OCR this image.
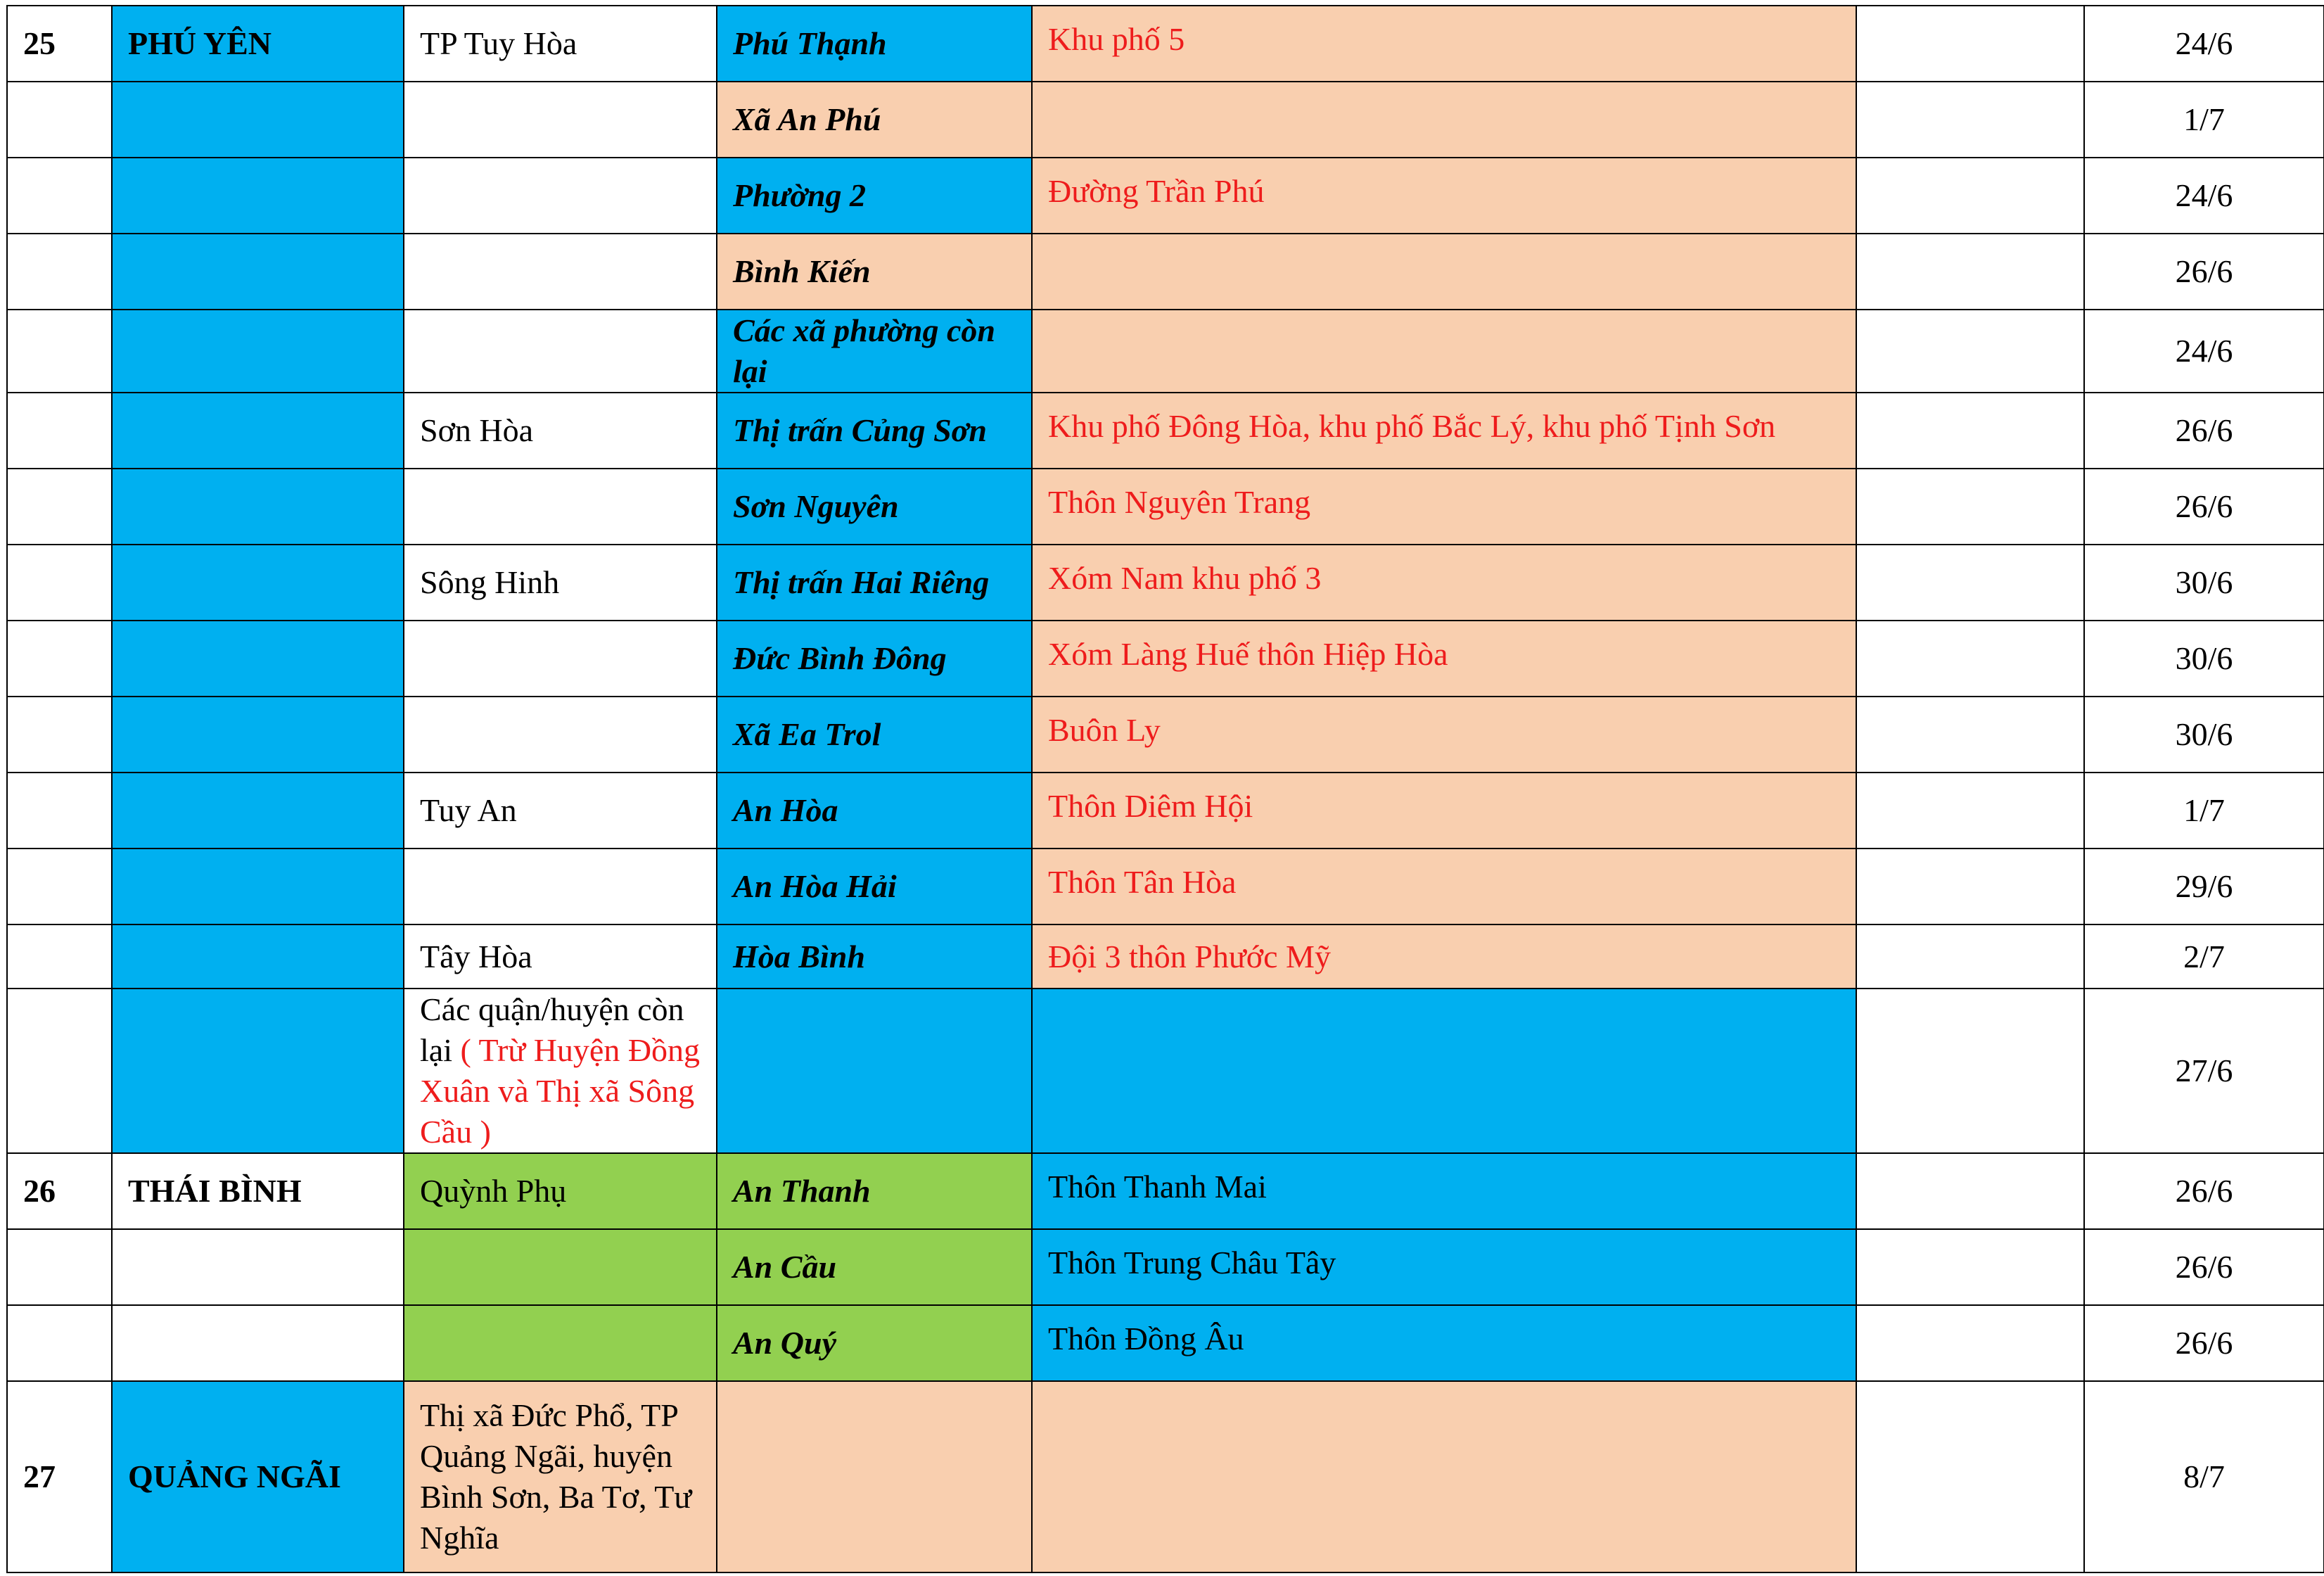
25	PHÚ YÊN	TP Tuy Hòa	Phú Thạnh	Khu phố 5		24/6
			Xã An Phú			1/7
			Phường 2	Đường Trần Phú		24/6
			Bình Kiến			26/6
			Các xã phường còn lại			24/6
		Sơn Hòa	Thị trấn Củng Sơn	Khu phố Đông Hòa, khu phố Bắc Lý, khu phố Tịnh Sơn		26/6
			Sơn Nguyên	Thôn Nguyên Trang		26/6
		Sông Hinh	Thị trấn Hai Riêng	Xóm Nam khu phố 3		30/6
			Đức Bình Đông	Xóm Làng Huế thôn Hiệp Hòa		30/6
			Xã Ea Trol	Buôn Ly		30/6
		Tuy An	An Hòa	Thôn Diêm Hội		1/7
			An Hòa Hải	Thôn Tân Hòa		29/6
		Tây Hòa	Hòa Bình	Đội 3 thôn Phước Mỹ		2/7
		Các quận/huyện còn lại ( Trừ Huyện Đồng Xuân và Thị xã Sông Cầu )				27/6
26	THÁI BÌNH	Quỳnh Phụ	An Thanh	Thôn Thanh Mai		26/6
			An Cầu	Thôn Trung Châu Tây		26/6
			An Quý	Thôn Đồng Âu		26/6
27	QUẢNG NGÃI	Thị xã Đức Phổ, TP Quảng Ngãi, huyện Bình Sơn, Ba Tơ, Tư Nghĩa				8/7
